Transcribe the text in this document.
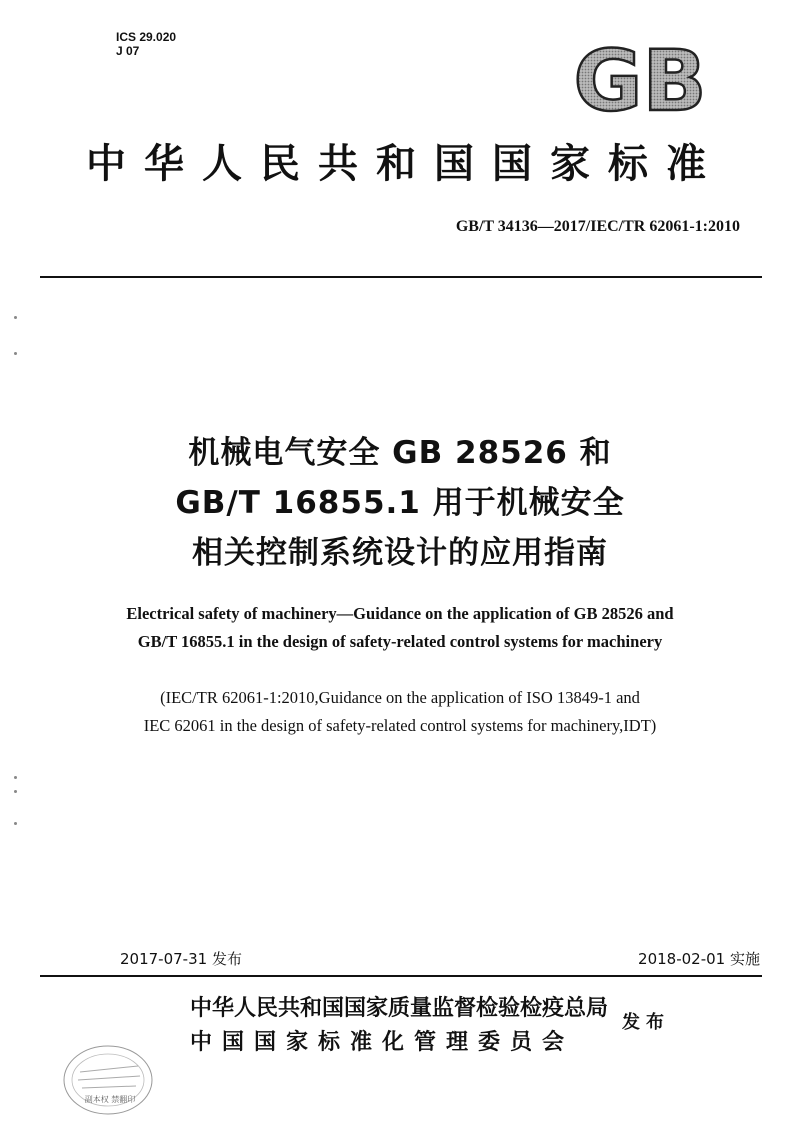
ICS 29.020
J 07	GB
中华人民共和国国家标准
GB/T 34136—2017/IEC/TR 62061-1:2010
机械电气安全 GB 28526 和
GB/T 16855.1 用于机械安全
相关控制系统设计的应用指南
Electrical safety of machinery—Guidance on the application of GB 28526 and
GB/T 16855.1 in the design of safety-related control systems for machinery
(IEC/TR 62061-1:2010,Guidance on the application of ISO 13849-1 and
IEC 62061 in the design of safety-related control systems for machinery,IDT)
2017-07-31 发布	2018-02-01 实施
中华人民共和国国家质量监督检验检疫总局
中国国家标准化管理委员会
发布
副本权 禁翻印
